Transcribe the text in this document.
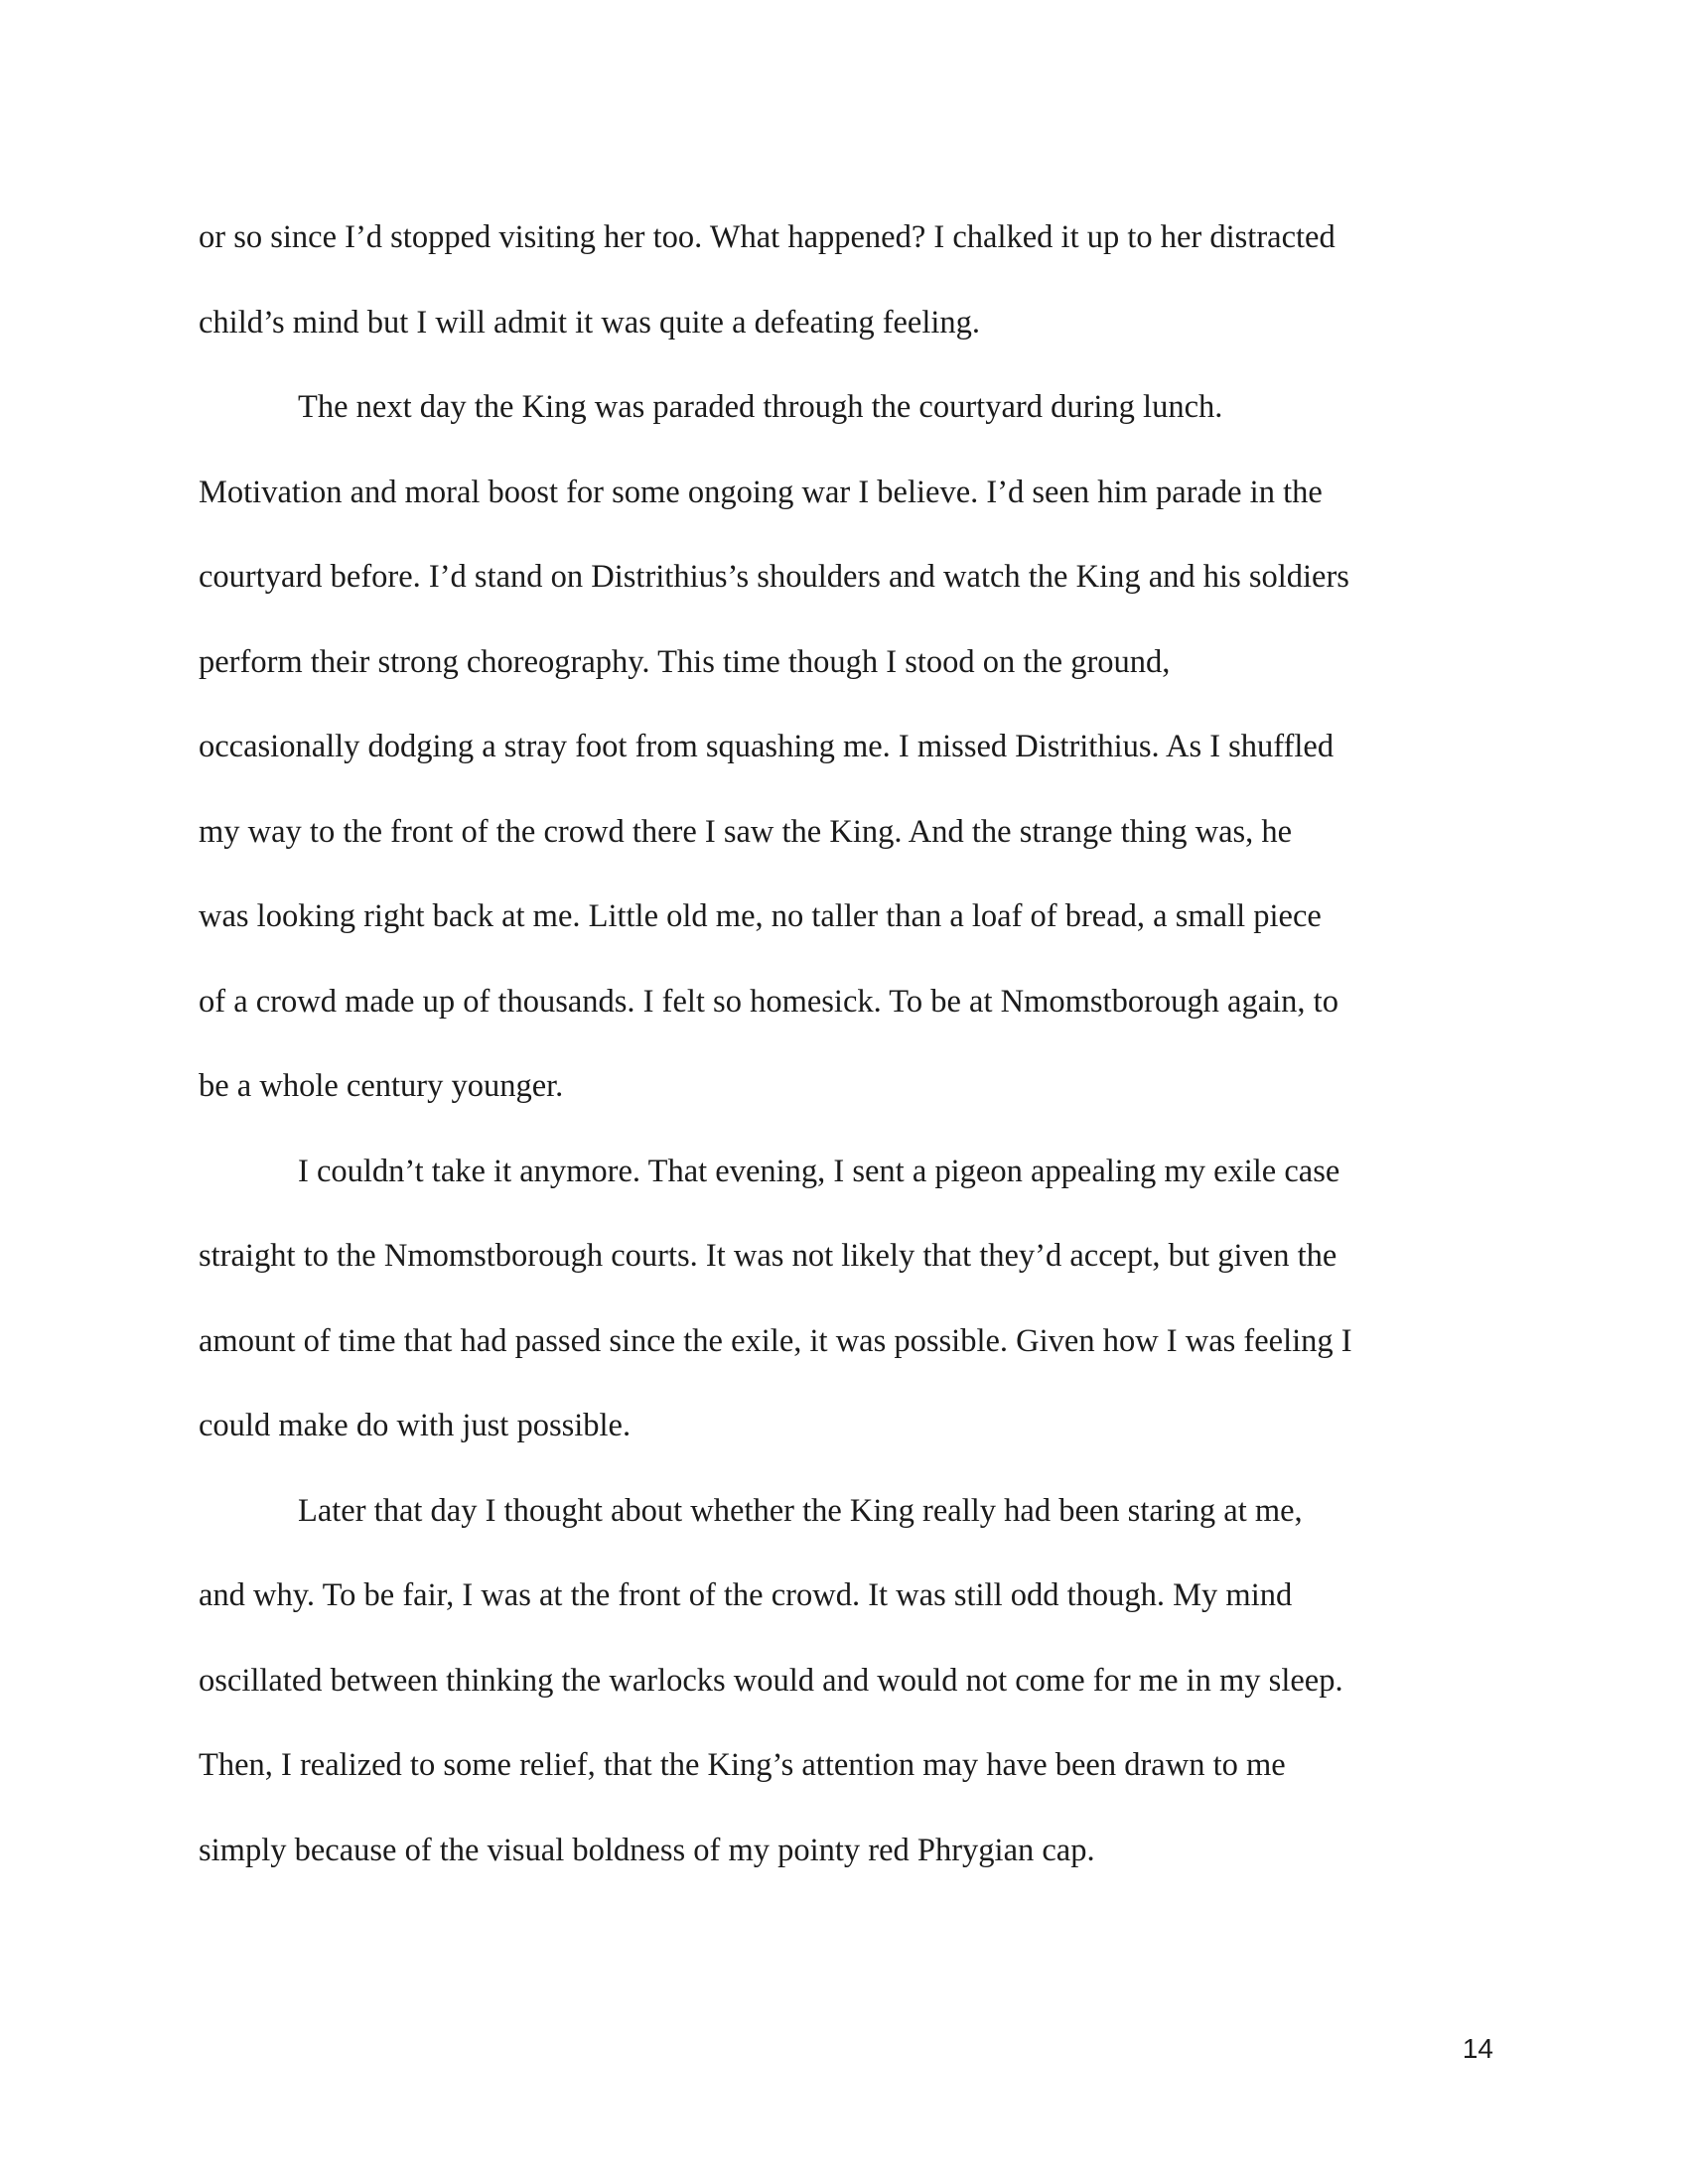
or so since I’d stopped visiting her too. What happened? I chalked it up to her distracted
child’s mind but I will admit it was quite a defeating feeling.
The next day the King was paraded through the courtyard during lunch.
Motivation and moral boost for some ongoing war I believe. I’d seen him parade in the
courtyard before. I’d stand on Distrithius’s shoulders and watch the King and his soldiers
perform their strong choreography. This time though I stood on the ground,
occasionally dodging a stray foot from squashing me. I missed Distrithius. As I shuffled
my way to the front of the crowd there I saw the King. And the strange thing was, he
was looking right back at me. Little old me, no taller than a loaf of bread, a small piece
of a crowd made up of thousands. I felt so homesick. To be at Nmomstborough again, to
be a whole century younger.
I couldn’t take it anymore. That evening, I sent a pigeon appealing my exile case
straight to the Nmomstborough courts. It was not likely that they’d accept, but given the
amount of time that had passed since the exile, it was possible. Given how I was feeling I
could make do with just possible.
Later that day I thought about whether the King really had been staring at me,
and why. To be fair, I was at the front of the crowd. It was still odd though. My mind
oscillated between thinking the warlocks would and would not come for me in my sleep.
Then, I realized to some relief, that the King’s attention may have been drawn to me
simply because of the visual boldness of my pointy red Phrygian cap.
14
